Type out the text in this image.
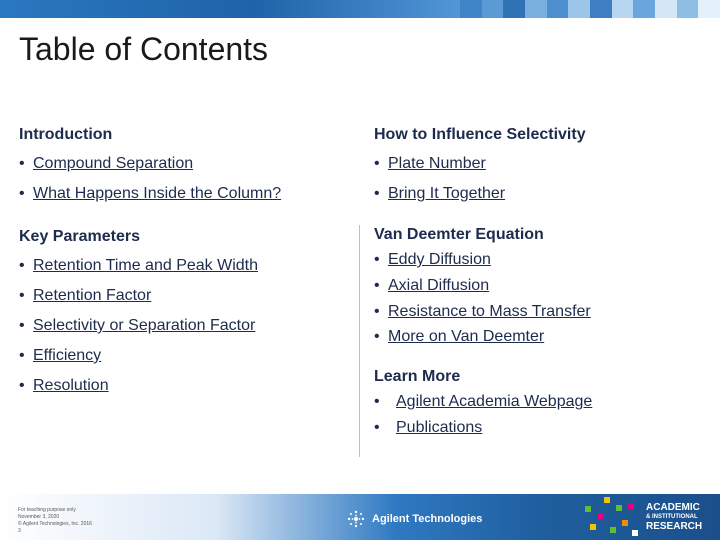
Table of Contents
Introduction
• Compound Separation
• What Happens Inside the Column?
Key Parameters
• Retention Time and Peak Width
• Retention Factor
• Selectivity or Separation Factor
• Efficiency
• Resolution
How to Influence Selectivity
• Plate Number
• Bring It Together
Van Deemter Equation
• Eddy Diffusion
• Axial Diffusion
• Resistance to Mass Transfer
• More on Van Deemter
Learn More
• Agilent Academia Webpage
• Publications
For teaching purpose only
November 3, 2020
© Agilent Technologies, Inc. 2016
3
Agilent Technologies
ACADEMIC
& INSTITUTIONAL
RESEARCH
